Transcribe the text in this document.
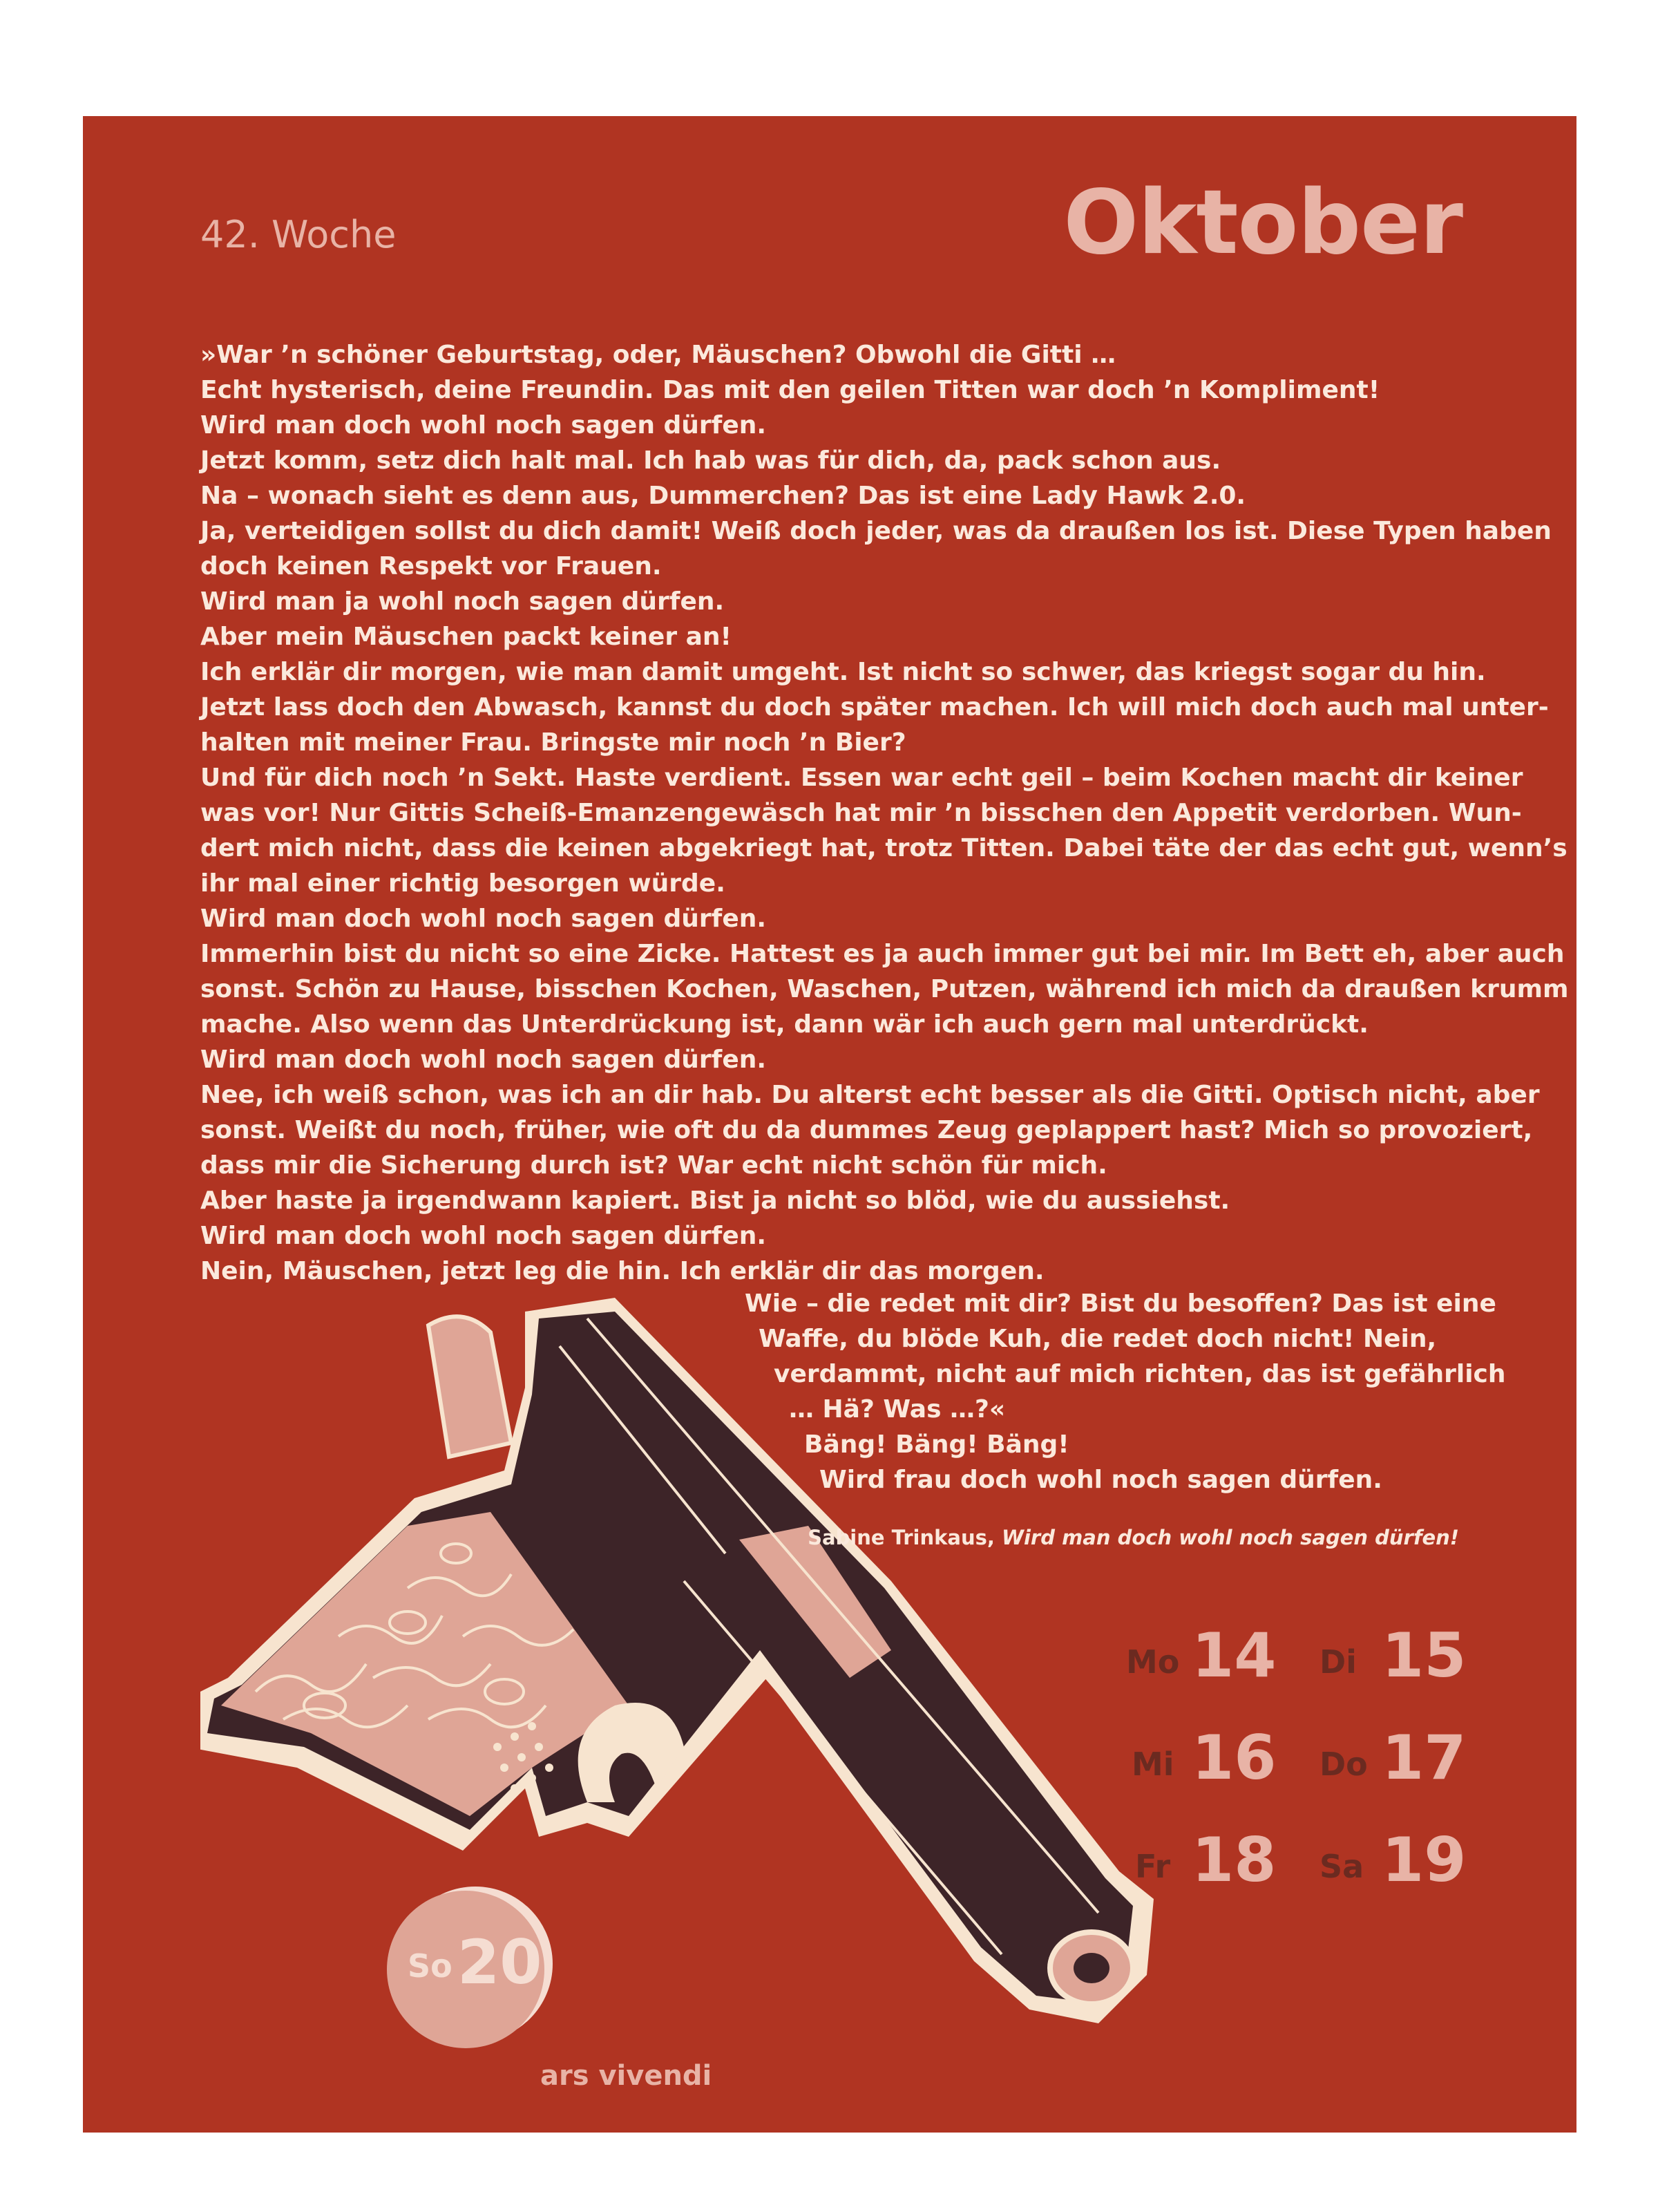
42. Woche	Oktober

»War ’n schöner Geburtstag, oder, Mäuschen? Obwohl die Gitti …

Echt hysterisch, deine Freundin. Das mit den geilen Titten war doch ’n Kompliment!

Wird man doch wohl noch sagen dürfen.

Jetzt komm, setz dich halt mal. Ich hab was für dich, da, pack schon aus.

Na – wonach sieht es denn aus, Dummerchen? Das ist eine Lady Hawk 2.0.

Ja, verteidigen sollst du dich damit! Weiß doch jeder, was da draußen los ist. Diese Typen haben

doch keinen Respekt vor Frauen.

Wird man ja wohl noch sagen dürfen.

Aber mein Mäuschen packt keiner an!

Ich erklär dir morgen, wie man damit umgeht. Ist nicht so schwer, das kriegst sogar du hin.

Jetzt lass doch den Abwasch, kannst du doch später machen. Ich will mich doch auch mal unter-

halten mit meiner Frau. Bringste mir noch ’n Bier?

Und für dich noch ’n Sekt. Haste verdient. Essen war echt geil – beim Kochen macht dir keiner

was vor! Nur Gittis Scheiß-Emanzengewäsch hat mir ’n bisschen den Appetit verdorben. Wun-

dert mich nicht, dass die keinen abgekriegt hat, trotz Titten. Dabei täte der das echt gut, wenn’s

ihr mal einer richtig besorgen würde.

Wird man doch wohl noch sagen dürfen.

Immerhin bist du nicht so eine Zicke. Hattest es ja auch immer gut bei mir. Im Bett eh, aber auch

sonst. Schön zu Hause, bisschen Kochen, Waschen, Putzen, während ich mich da draußen krumm

mache. Also wenn das Unterdrückung ist, dann wär ich auch gern mal unterdrückt.

Wird man doch wohl noch sagen dürfen.

Nee, ich weiß schon, was ich an dir hab. Du alterst echt besser als die Gitti. Optisch nicht, aber

sonst. Weißt du noch, früher, wie oft du da dummes Zeug geplappert hast? Mich so provoziert,

dass mir die Sicherung durch ist? War echt nicht schön für mich.

Aber haste ja irgendwann kapiert. Bist ja nicht so blöd, wie du aussiehst.

Wird man doch wohl noch sagen dürfen.

Nein, Mäuschen, jetzt leg die hin. Ich erklär dir das morgen.

Wie – die redet mit dir? Bist du besoffen? Das ist eine
Waffe, du blöde Kuh, die redet doch nicht! Nein,
verdammt, nicht auf mich richten, das ist gefährlich
… Hä? Was …?«
Bäng! Bäng! Bäng!
Wird frau doch wohl noch sagen dürfen.
Sabine Trinkaus, Wird man doch wohl noch sagen dürfen!
Mo 14 Di 15
Mi 16 Do 17
Fr 18 Sa 19
So 20
ars vivendi
